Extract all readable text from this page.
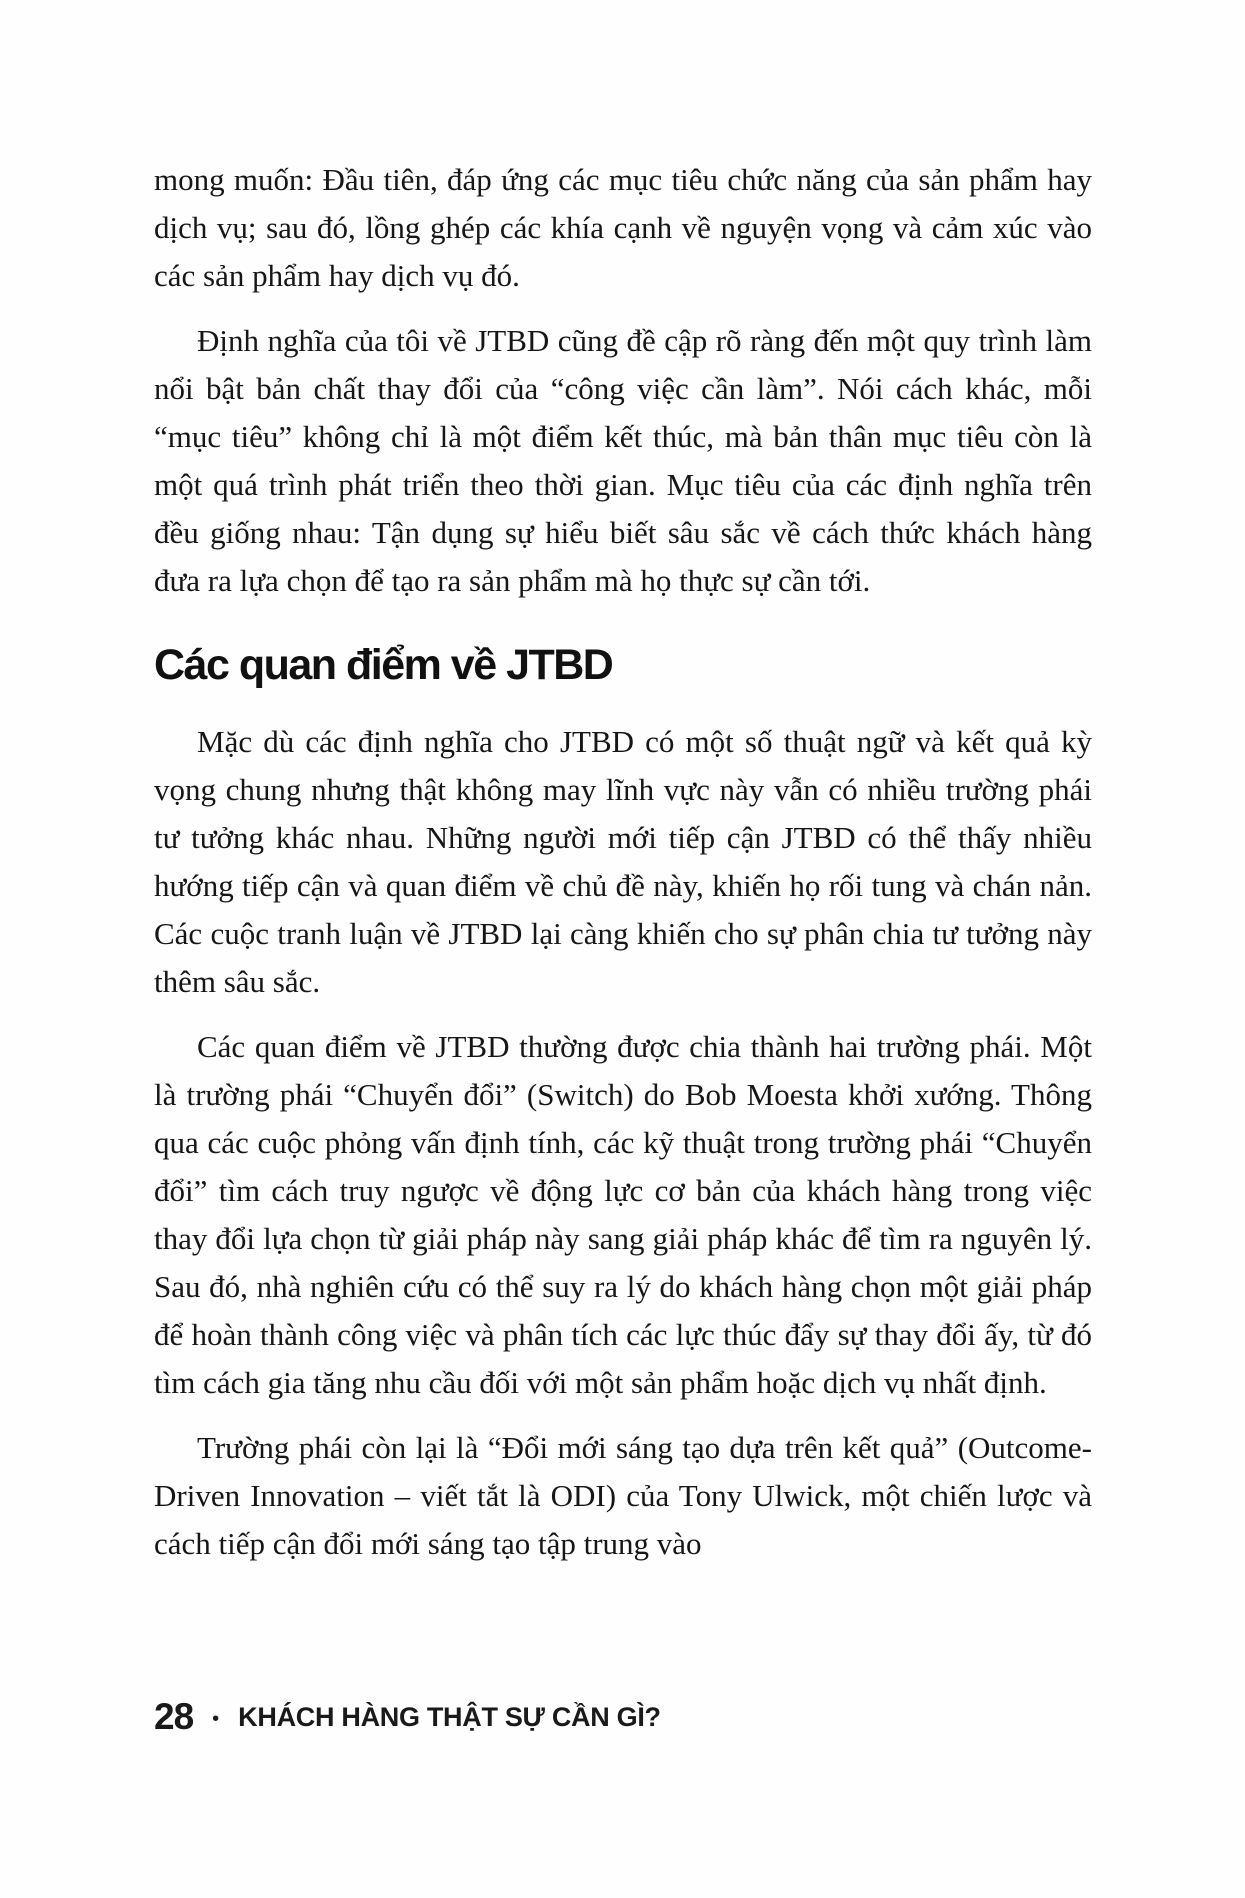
mong muốn: Đầu tiên, đáp ứng các mục tiêu chức năng của sản phẩm hay dịch vụ; sau đó, lồng ghép các khía cạnh về nguyện vọng và cảm xúc vào các sản phẩm hay dịch vụ đó.

Định nghĩa của tôi về JTBD cũng đề cập rõ ràng đến một quy trình làm nổi bật bản chất thay đổi của “công việc cần làm”. Nói cách khác, mỗi “mục tiêu” không chỉ là một điểm kết thúc, mà bản thân mục tiêu còn là một quá trình phát triển theo thời gian. Mục tiêu của các định nghĩa trên đều giống nhau: Tận dụng sự hiểu biết sâu sắc về cách thức khách hàng đưa ra lựa chọn để tạo ra sản phẩm mà họ thực sự cần tới.

Các quan điểm về JTBD

Mặc dù các định nghĩa cho JTBD có một số thuật ngữ và kết quả kỳ vọng chung nhưng thật không may lĩnh vực này vẫn có nhiều trường phái tư tưởng khác nhau. Những người mới tiếp cận JTBD có thể thấy nhiều hướng tiếp cận và quan điểm về chủ đề này, khiến họ rối tung và chán nản. Các cuộc tranh luận về JTBD lại càng khiến cho sự phân chia tư tưởng này thêm sâu sắc.

Các quan điểm về JTBD thường được chia thành hai trường phái. Một là trường phái “Chuyển đổi” (Switch) do Bob Moesta khởi xướng. Thông qua các cuộc phỏng vấn định tính, các kỹ thuật trong trường phái “Chuyển đổi” tìm cách truy ngược về động lực cơ bản của khách hàng trong việc thay đổi lựa chọn từ giải pháp này sang giải pháp khác để tìm ra nguyên lý. Sau đó, nhà nghiên cứu có thể suy ra lý do khách hàng chọn một giải pháp để hoàn thành công việc và phân tích các lực thúc đẩy sự thay đổi ấy, từ đó tìm cách gia tăng nhu cầu đối với một sản phẩm hoặc dịch vụ nhất định.

Trường phái còn lại là “Đổi mới sáng tạo dựa trên kết quả” (Outcome-Driven Innovation – viết tắt là ODI) của Tony Ulwick, một chiến lược và cách tiếp cận đổi mới sáng tạo tập trung vào

28 • KHÁCH HÀNG THẬT SỰ CẦN GÌ?
